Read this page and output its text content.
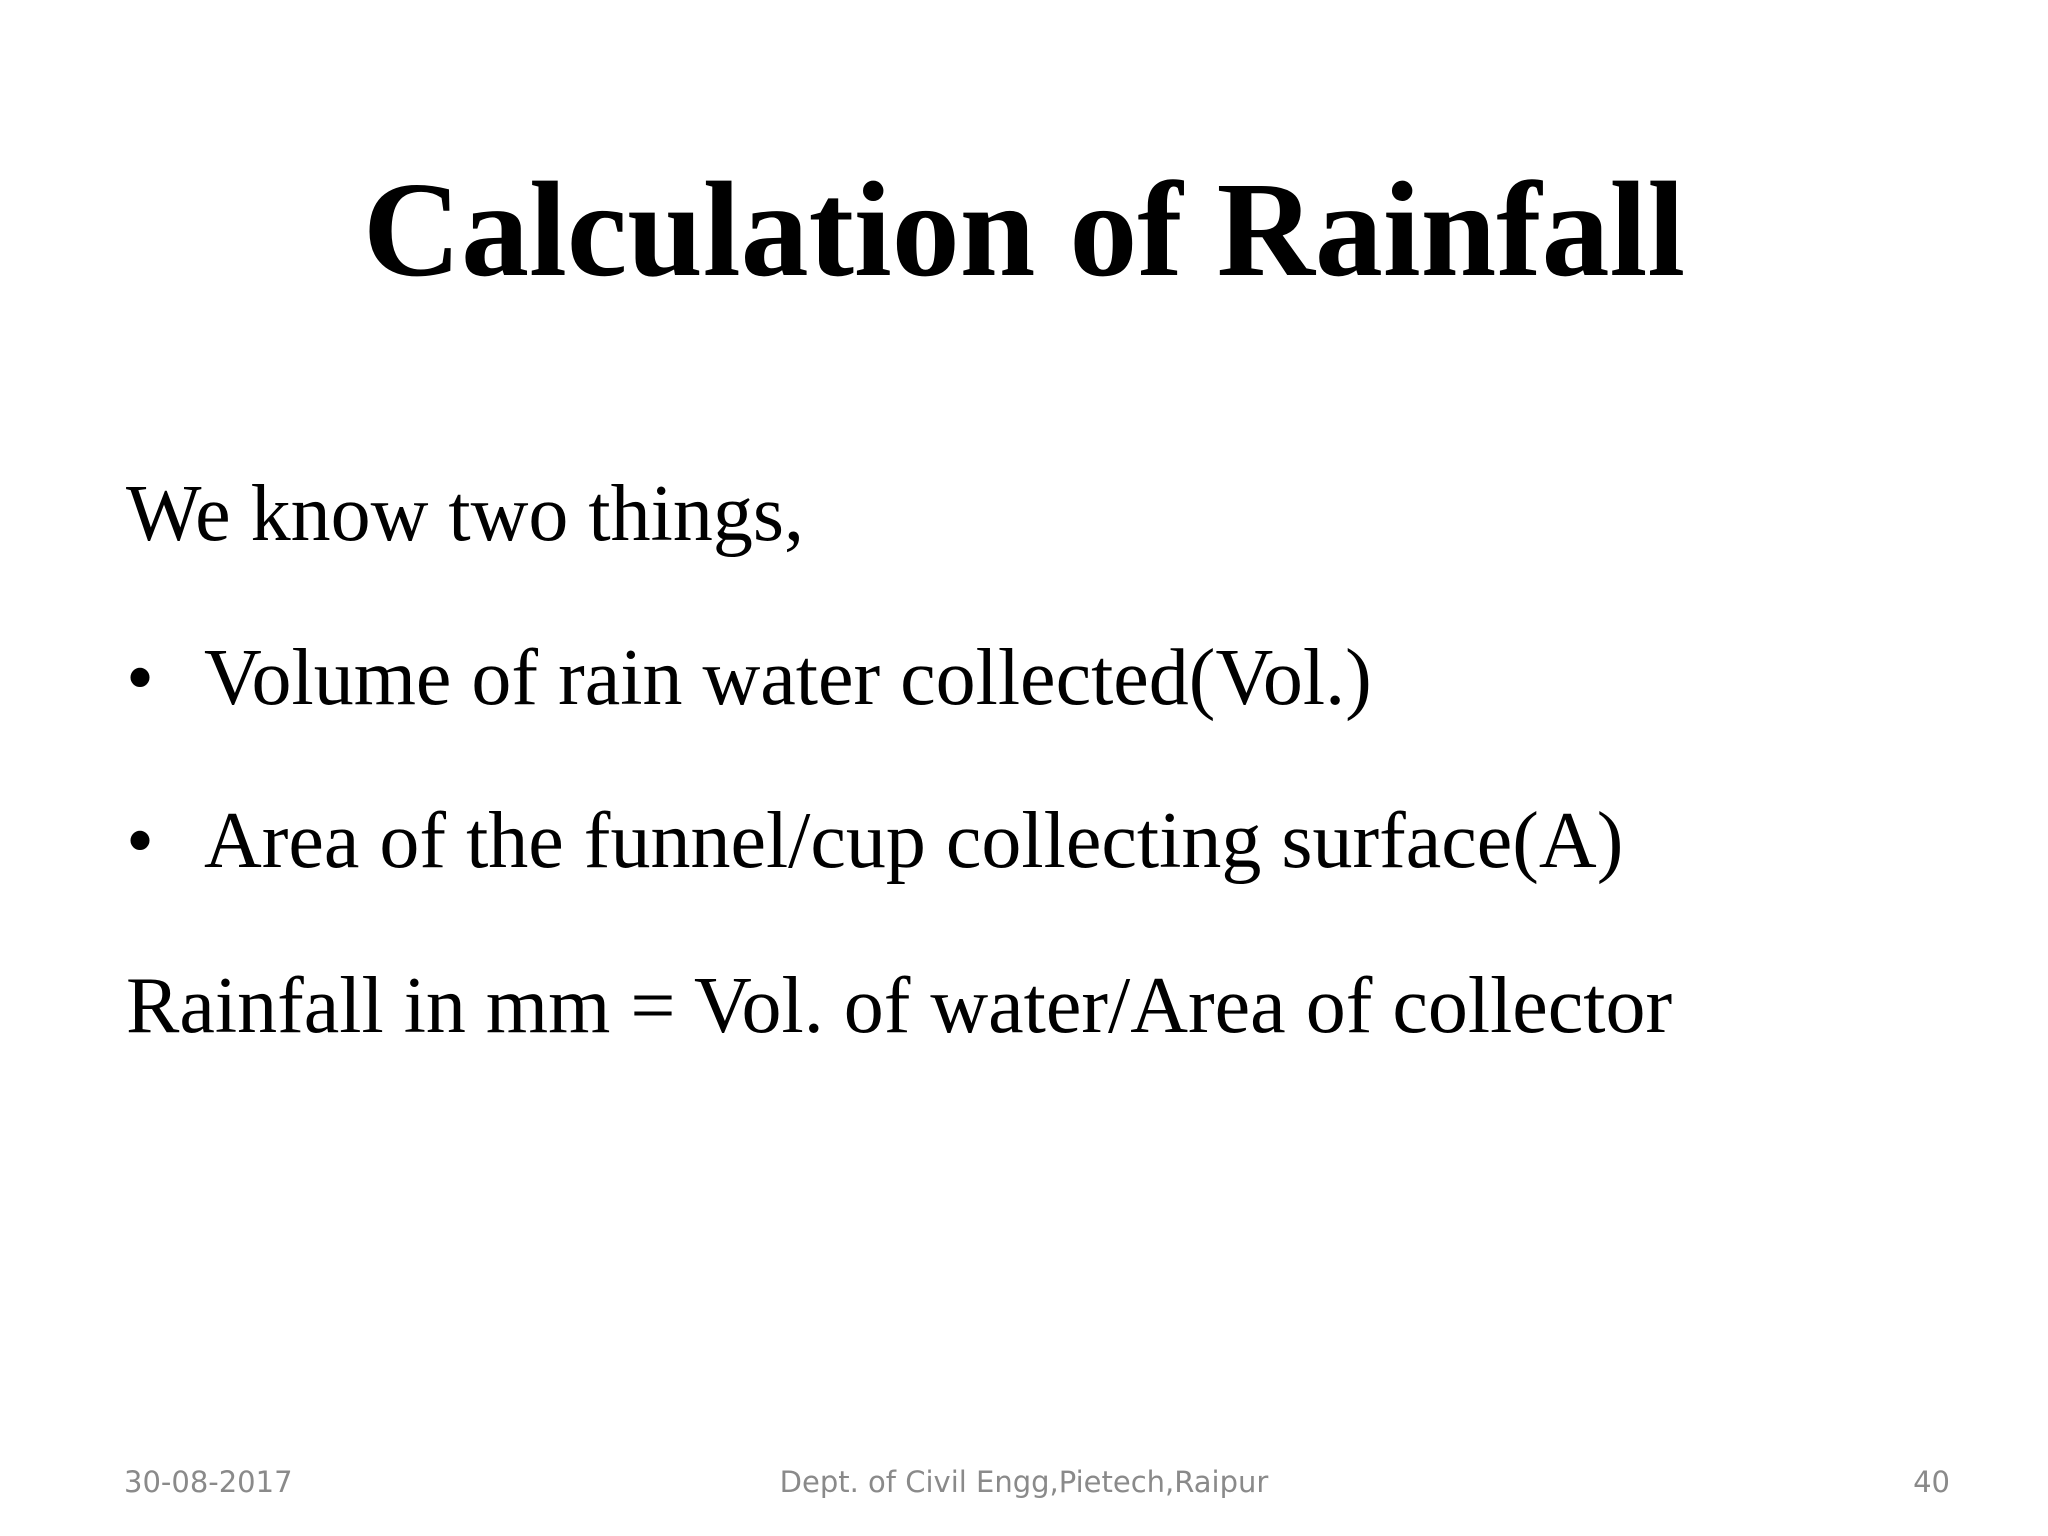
Calculation of Rainfall
We know two things,
• Volume of rain water collected(Vol.)
• Area of the funnel/cup collecting surface(A)
Rainfall in mm = Vol. of water/Area of collector
30-08-2017	Dept. of Civil Engg,Pietech,Raipur	40
